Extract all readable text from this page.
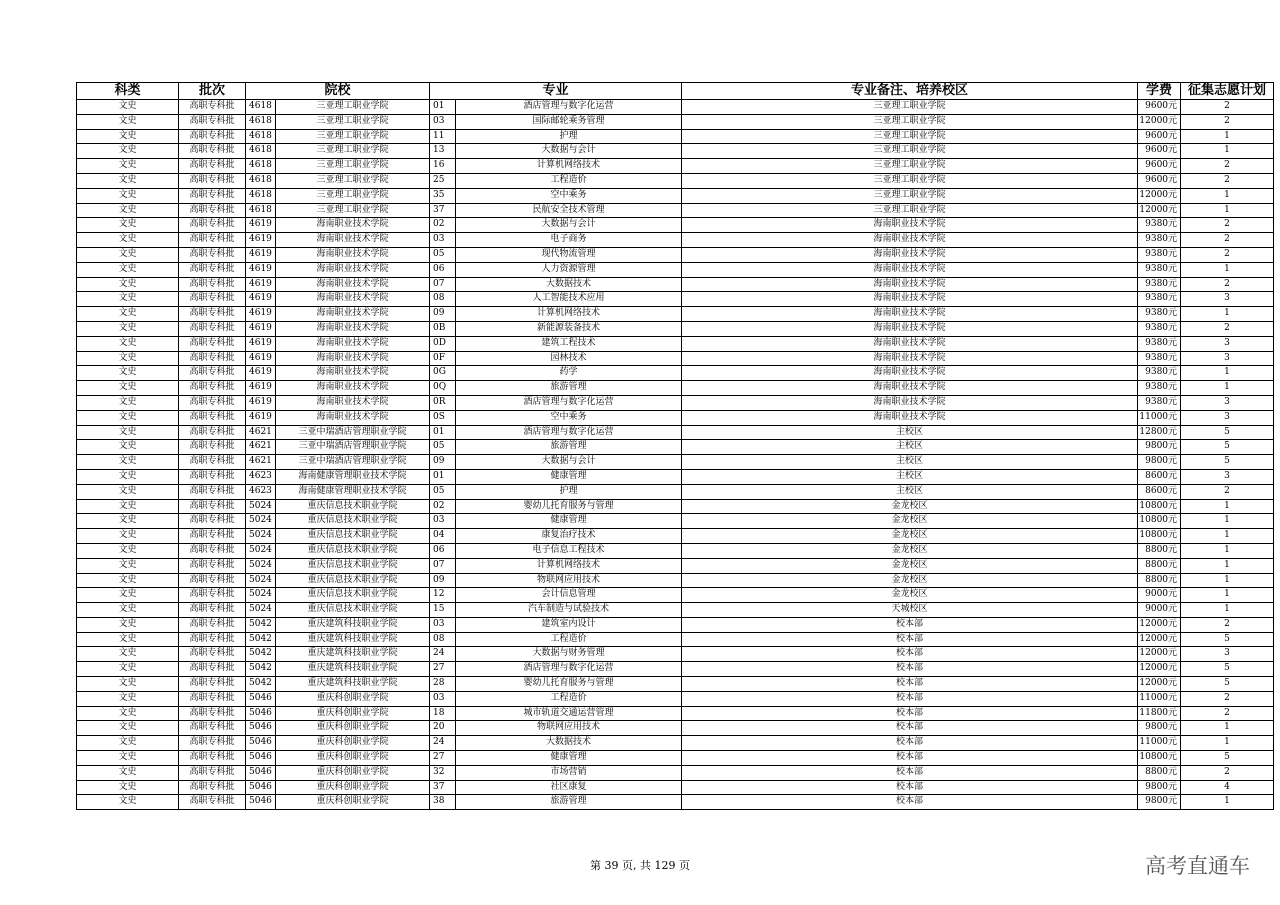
科类	批次	院校		专业		专业备注、培养校区	学费	征集志愿计划
文史	高职专科批	4618	三亚理工职业学院	01	酒店管理与数字化运营	三亚理工职业学院	9600元	2
文史	高职专科批	4618	三亚理工职业学院	03	国际邮轮乘务管理	三亚理工职业学院	12000元	2
文史	高职专科批	4618	三亚理工职业学院	11	护理	三亚理工职业学院	9600元	1
文史	高职专科批	4618	三亚理工职业学院	13	大数据与会计	三亚理工职业学院	9600元	1
文史	高职专科批	4618	三亚理工职业学院	16	计算机网络技术	三亚理工职业学院	9600元	2
文史	高职专科批	4618	三亚理工职业学院	25	工程造价	三亚理工职业学院	9600元	2
文史	高职专科批	4618	三亚理工职业学院	35	空中乘务	三亚理工职业学院	12000元	1
文史	高职专科批	4618	三亚理工职业学院	37	民航安全技术管理	三亚理工职业学院	12000元	1
文史	高职专科批	4619	海南职业技术学院	02	大数据与会计	海南职业技术学院	9380元	2
文史	高职专科批	4619	海南职业技术学院	03	电子商务	海南职业技术学院	9380元	2
文史	高职专科批	4619	海南职业技术学院	05	现代物流管理	海南职业技术学院	9380元	2
文史	高职专科批	4619	海南职业技术学院	06	人力资源管理	海南职业技术学院	9380元	1
文史	高职专科批	4619	海南职业技术学院	07	大数据技术	海南职业技术学院	9380元	2
文史	高职专科批	4619	海南职业技术学院	08	人工智能技术应用	海南职业技术学院	9380元	3
文史	高职专科批	4619	海南职业技术学院	09	计算机网络技术	海南职业技术学院	9380元	1
文史	高职专科批	4619	海南职业技术学院	0B	新能源装备技术	海南职业技术学院	9380元	2
文史	高职专科批	4619	海南职业技术学院	0D	建筑工程技术	海南职业技术学院	9380元	3
文史	高职专科批	4619	海南职业技术学院	0F	园林技术	海南职业技术学院	9380元	3
文史	高职专科批	4619	海南职业技术学院	0G	药学	海南职业技术学院	9380元	1
文史	高职专科批	4619	海南职业技术学院	0Q	旅游管理	海南职业技术学院	9380元	1
文史	高职专科批	4619	海南职业技术学院	0R	酒店管理与数字化运营	海南职业技术学院	9380元	3
文史	高职专科批	4619	海南职业技术学院	0S	空中乘务	海南职业技术学院	11000元	3
文史	高职专科批	4621	三亚中瑞酒店管理职业学院	01	酒店管理与数字化运营	主校区	12800元	5
文史	高职专科批	4621	三亚中瑞酒店管理职业学院	05	旅游管理	主校区	9800元	5
文史	高职专科批	4621	三亚中瑞酒店管理职业学院	09	大数据与会计	主校区	9800元	5
文史	高职专科批	4623	海南健康管理职业技术学院	01	健康管理	主校区	8600元	3
文史	高职专科批	4623	海南健康管理职业技术学院	05	护理	主校区	8600元	2
文史	高职专科批	5024	重庆信息技术职业学院	02	婴幼儿托育服务与管理	金龙校区	10800元	1
文史	高职专科批	5024	重庆信息技术职业学院	03	健康管理	金龙校区	10800元	1
文史	高职专科批	5024	重庆信息技术职业学院	04	康复治疗技术	金龙校区	10800元	1
文史	高职专科批	5024	重庆信息技术职业学院	06	电子信息工程技术	金龙校区	8800元	1
文史	高职专科批	5024	重庆信息技术职业学院	07	计算机网络技术	金龙校区	8800元	1
文史	高职专科批	5024	重庆信息技术职业学院	09	物联网应用技术	金龙校区	8800元	1
文史	高职专科批	5024	重庆信息技术职业学院	12	会计信息管理	金龙校区	9000元	1
文史	高职专科批	5024	重庆信息技术职业学院	15	汽车制造与试验技术	天城校区	9000元	1
文史	高职专科批	5042	重庆建筑科技职业学院	03	建筑室内设计	校本部	12000元	2
文史	高职专科批	5042	重庆建筑科技职业学院	08	工程造价	校本部	12000元	5
文史	高职专科批	5042	重庆建筑科技职业学院	24	大数据与财务管理	校本部	12000元	3
文史	高职专科批	5042	重庆建筑科技职业学院	27	酒店管理与数字化运营	校本部	12000元	5
文史	高职专科批	5042	重庆建筑科技职业学院	28	婴幼儿托育服务与管理	校本部	12000元	5
文史	高职专科批	5046	重庆科创职业学院	03	工程造价	校本部	11000元	2
文史	高职专科批	5046	重庆科创职业学院	18	城市轨道交通运营管理	校本部	11800元	2
文史	高职专科批	5046	重庆科创职业学院	20	物联网应用技术	校本部	9800元	1
文史	高职专科批	5046	重庆科创职业学院	24	大数据技术	校本部	11000元	1
文史	高职专科批	5046	重庆科创职业学院	27	健康管理	校本部	10800元	5
文史	高职专科批	5046	重庆科创职业学院	32	市场营销	校本部	8800元	2
文史	高职专科批	5046	重庆科创职业学院	37	社区康复	校本部	9800元	4
文史	高职专科批	5046	重庆科创职业学院	38	旅游管理	校本部	9800元	1
第 39 页, 共 129 页	高考直通车
